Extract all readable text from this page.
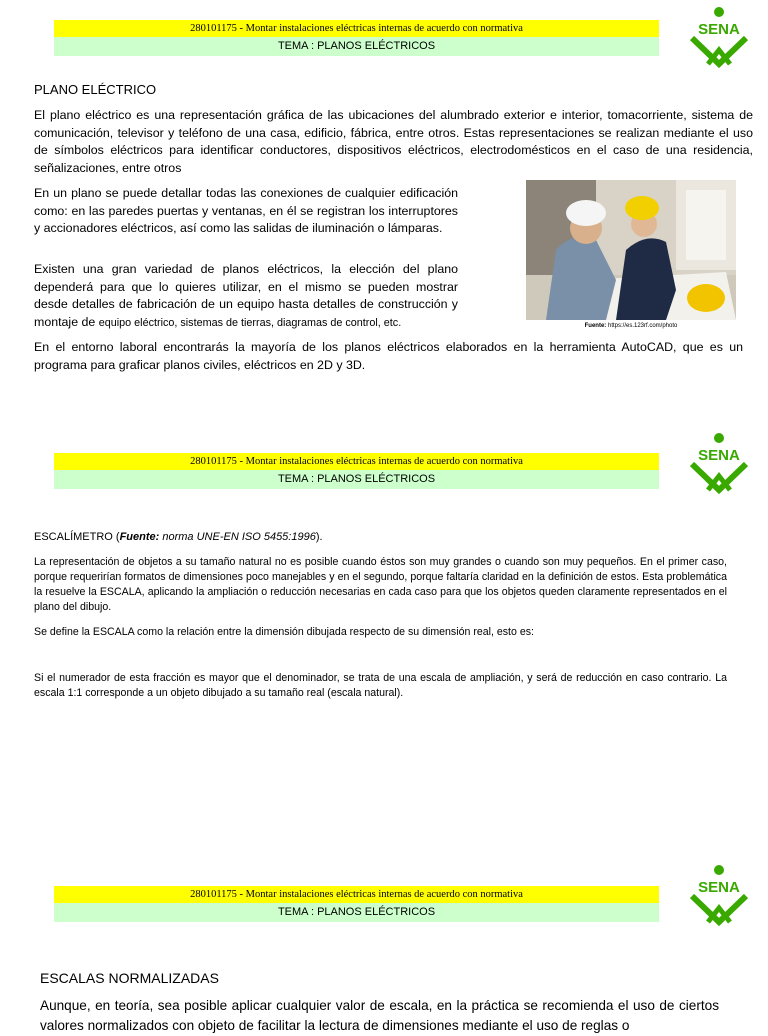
280101175 - Montar instalaciones eléctricas internas de acuerdo con normativa
TEMA : PLANOS ELÉCTRICOS
SENA
PLANO ELÉCTRICO
El plano eléctrico es una representación gráfica de las ubicaciones del alumbrado exterior e interior, tomacorriente, sistema de comunicación, televisor y teléfono de una casa, edificio, fábrica, entre otros. Estas representaciones se realizan mediante el uso de símbolos eléctricos para identificar conductores, dispositivos eléctricos, electrodomésticos en el caso de una residencia, señalizaciones, entre otros
En un plano se puede detallar todas las conexiones de cualquier edificación como: en las paredes puertas y ventanas, en él se registran los interruptores y accionadores eléctricos, así como las salidas de iluminación o lámparas.
Existen una gran variedad de planos eléctricos, la elección del plano dependerá para que lo quieres utilizar, en el mismo se pueden mostrar desde detalles de fabricación de un equipo hasta detalles de construcción y montaje de equipo eléctrico, sistemas de tierras, diagramas de control, etc.	Fuente: https://es.123rf.com/photo
En el entorno laboral encontrarás la mayoría de los planos eléctricos elaborados en la herramienta AutoCAD, que es un programa para graficar planos civiles, eléctricos en 2D y 3D.
280101175 - Montar instalaciones eléctricas internas de acuerdo con normativa
TEMA : PLANOS ELÉCTRICOS
SENA
ESCALÍMETRO (Fuente: norma UNE-EN ISO 5455:1996).
La representación de objetos a su tamaño natural no es posible cuando éstos son muy grandes o cuando son muy pequeños. En el primer caso, porque requerirían formatos de dimensiones poco manejables y en el segundo, porque faltaría claridad en la definición de estos. Esta problemática la resuelve la ESCALA, aplicando la ampliación o reducción necesarias en cada caso para que los objetos queden claramente representados en el plano del dibujo.
Se define la ESCALA como la relación entre la dimensión dibujada respecto de su dimensión real, esto es:
Si el numerador de esta fracción es mayor que el denominador, se trata de una escala de ampliación, y será de reducción en caso contrario. La escala 1:1 corresponde a un objeto dibujado a su tamaño real (escala natural).
280101175 - Montar instalaciones eléctricas internas de acuerdo con normativa
TEMA : PLANOS ELÉCTRICOS
SENA
ESCALAS NORMALIZADAS
Aunque, en teoría, sea posible aplicar cualquier valor de escala, en la práctica se recomienda el uso de ciertos valores normalizados con objeto de facilitar la lectura de dimensiones mediante el uso de reglas o
